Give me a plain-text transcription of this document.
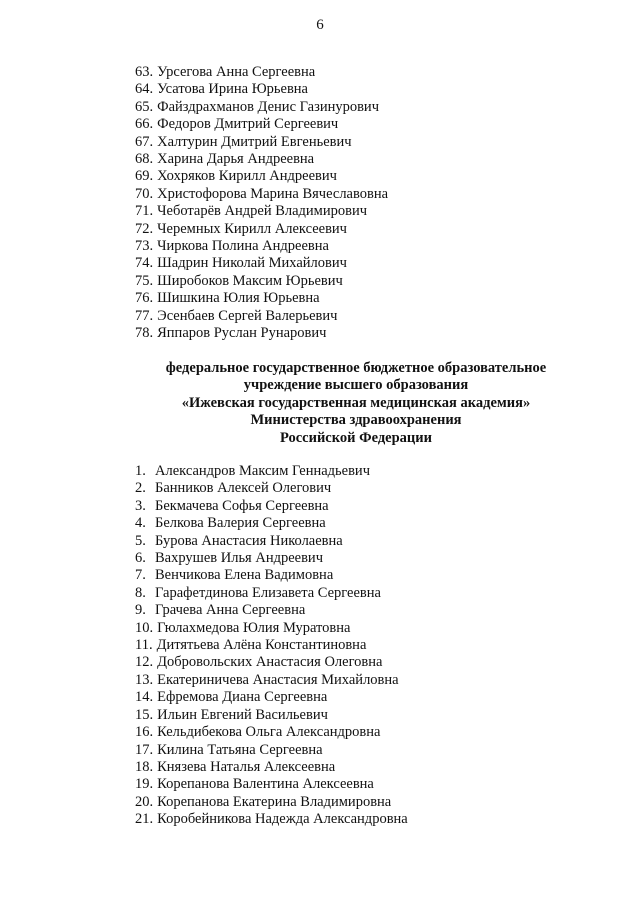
6
63. Урсегова Анна Сергеевна
64. Усатова Ирина Юрьевна
65. Файздрахманов Денис Газинурович
66. Федоров Дмитрий Сергеевич
67. Халтурин Дмитрий Евгеньевич
68. Харина Дарья Андреевна
69. Хохряков Кирилл Андреевич
70. Христофорова Марина Вячеславовна
71. Чеботарёв Андрей Владимирович
72. Черемных Кирилл Алексеевич
73. Чиркова Полина Андреевна
74. Шадрин Николай Михайлович
75. Широбоков Максим Юрьевич
76. Шишкина Юлия Юрьевна
77. Эсенбаев Сергей Валерьевич
78. Яппаров Руслан Рунарович
федеральное государственное бюджетное образовательное
учреждение высшего образования
«Ижевская государственная медицинская академия»
Министерства здравоохранения
Российской Федерации
1. Александров Максим Геннадьевич
2. Банников Алексей Олегович
3. Бекмачева Софья Сергеевна
4. Белкова Валерия Сергеевна
5. Бурова Анастасия Николаевна
6. Вахрушев Илья Андреевич
7. Венчикова Елена Вадимовна
8. Гарафетдинова Елизавета Сергеевна
9. Грачева Анна Сергеевна
10. Гюлахмедова Юлия Муратовна
11. Дитятьева Алёна Константиновна
12. Добровольских Анастасия Олеговна
13. Екатериничева Анастасия Михайловна
14. Ефремова Диана Сергеевна
15. Ильин Евгений Васильевич
16. Кельдибекова Ольга Александровна
17. Килина Татьяна Сергеевна
18. Князева Наталья Алексеевна
19. Корепанова Валентина Алексеевна
20. Корепанова Екатерина Владимировна
21. Коробейникова Надежда Александровна
